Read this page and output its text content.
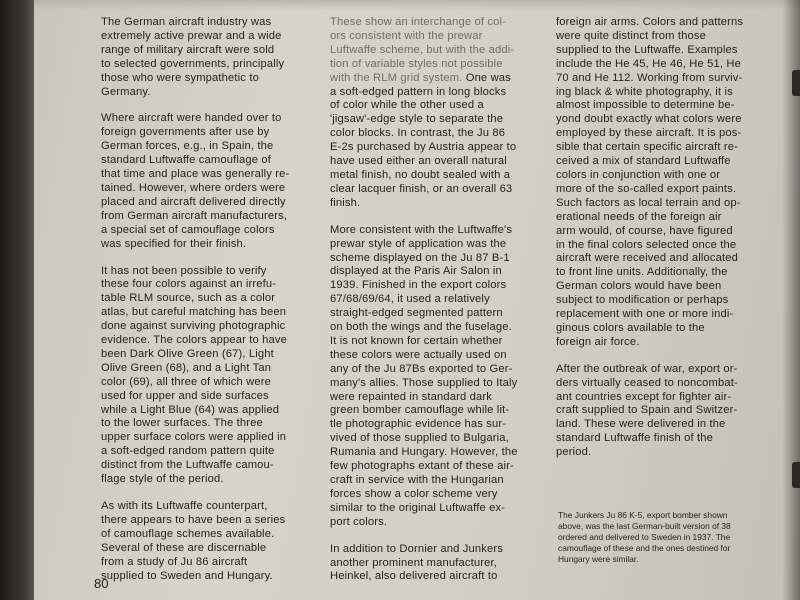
The German aircraft industry was
extremely active prewar and a wide
range of military aircraft were sold
to selected governments, principally
those who were sympathetic to
Germany.

Where aircraft were handed over to
foreign governments after use by
German forces, e.g., in Spain, the
standard Luftwaffe camouflage of
that time and place was generally re-
tained. However, where orders were
placed and aircraft delivered directly
from German aircraft manufacturers,
a special set of camouflage colors
was specified for their finish.

It has not been possible to verify
these four colors against an irrefu-
table RLM source, such as a color
atlas, but careful matching has been
done against surviving photographic
evidence. The colors appear to have
been Dark Olive Green (67), Light
Olive Green (68), and a Light Tan
color (69), all three of which were
used for upper and side surfaces
while a Light Blue (64) was applied
to the lower surfaces. The three
upper surface colors were applied in
a soft-edged random pattern quite
distinct from the Luftwaffe camou-
flage style of the period.

As with its Luftwaffe counterpart,
there appears to have been a series
of camouflage schemes available.
Several of these are discernable
from a study of Ju 86 aircraft
supplied to Sweden and Hungary.

These show an interchange of col-
ors consistent with the prewar
Luftwaffe scheme, but with the addi-
tion of variable styles not possible
with the RLM grid system. One was
a soft-edged pattern in long blocks
of color while the other used a
'jigsaw'-edge style to separate the
color blocks. In contrast, the Ju 86
E-2s purchased by Austria appear to
have used either an overall natural
metal finish, no doubt sealed with a
clear lacquer finish, or an overall 63
finish.

More consistent with the Luftwaffe's
prewar style of application was the
scheme displayed on the Ju 87 B-1
displayed at the Paris Air Salon in
1939. Finished in the export colors
67/68/69/64, it used a relatively
straight-edged segmented pattern
on both the wings and the fuselage.
It is not known for certain whether
these colors were actually used on
any of the Ju 87Bs exported to Ger-
many's allies. Those supplied to Italy
were repainted in standard dark
green bomber camouflage while lit-
tle photographic evidence has sur-
vived of those supplied to Bulgaria,
Rumania and Hungary. However, the
few photographs extant of these air-
craft in service with the Hungarian
forces show a color scheme very
similar to the original Luftwaffe ex-
port colors.

In addition to Dornier and Junkers
another prominent manufacturer,
Heinkel, also delivered aircraft to

foreign air arms. Colors and patterns
were quite distinct from those
supplied to the Luftwaffe. Examples
include the He 45, He 46, He 51, He
70 and He 112. Working from surviv-
ing black & white photography, it is
almost impossible to determine be-
yond doubt exactly what colors were
employed by these aircraft. It is pos-
sible that certain specific aircraft re-
ceived a mix of standard Luftwaffe
colors in conjunction with one or
more of the so-called export paints.
Such factors as local terrain and op-
erational needs of the foreign air
arm would, of course, have figured
in the final colors selected once the
aircraft were received and allocated
to front line units. Additionally, the
German colors would have been
subject to modification or perhaps
replacement with one or more indi-
ginous colors available to the
foreign air force.

After the outbreak of war, export or-
ders virtually ceased to noncombat-
ant countries except for fighter air-
craft supplied to Spain and Switzer-
land. These were delivered in the
standard Luftwaffe finish of the
period.

The Junkers Ju 86 K-5, export bomber shown
above, was the last German-built version of 38
ordered and delivered to Sweden in 1937. The
camouflage of these and the ones destined for
Hungary were similar.
80
